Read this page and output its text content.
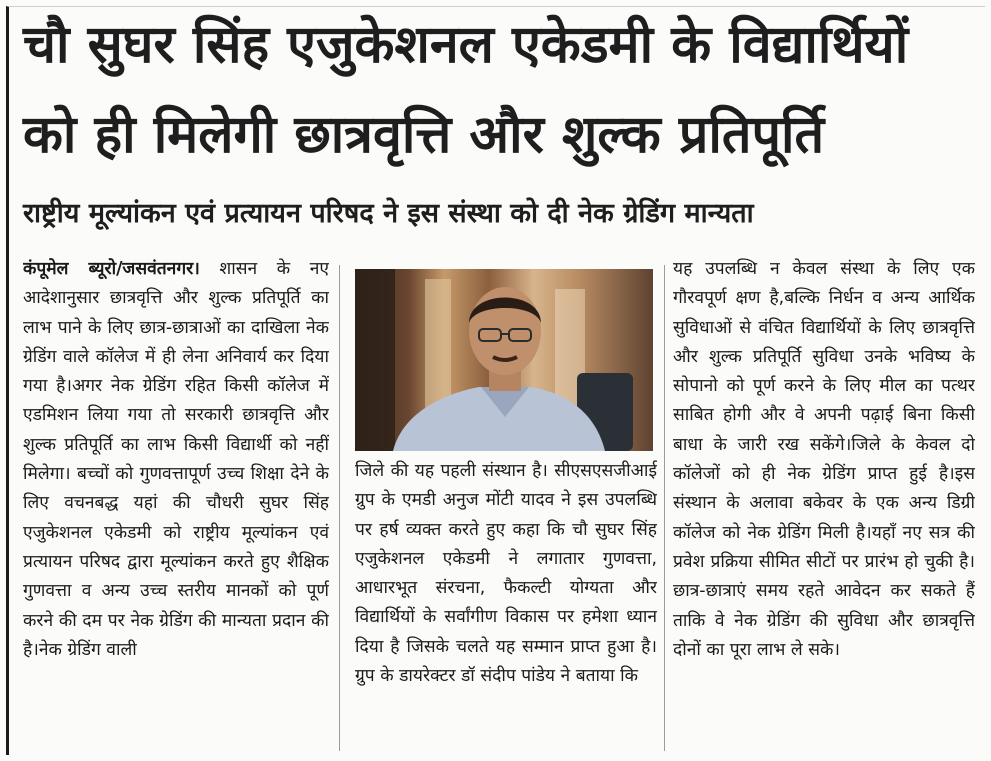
चौ सुघर सिंह एजुकेशनल एकेडमी के विद्यार्थियों
को ही मिलेगी छात्रवृत्ति और शुल्क प्रतिपूर्ति
राष्ट्रीय मूल्यांकन एवं प्रत्यायन परिषद ने इस संस्था को दी नेक ग्रेडिंग मान्यता

कंपूमेल ब्यूरो/जसवंतनगर। शासन के नए आदेशानुसार छात्रवृत्ति और शुल्क प्रतिपूर्ति का लाभ पाने के लिए छात्र-छात्राओं का दाखिला नेक ग्रेडिंग वाले कॉलेज में ही लेना अनिवार्य कर दिया गया है।अगर नेक ग्रेडिंग रहित किसी कॉलेज में एडमिशन लिया गया तो सरकारी छात्रवृत्ति और शुल्क प्रतिपूर्ति का लाभ किसी विद्यार्थी को नहीं मिलेगा। बच्चों को गुणवत्तापूर्ण उच्च शिक्षा देने के लिए वचनबद्ध यहां की चौधरी सुघर सिंह एजुकेशनल एकेडमी को राष्ट्रीय मूल्यांकन एवं प्रत्यायन परिषद द्वारा मूल्यांकन करते हुए शैक्षिक गुणवत्ता व अन्य उच्च स्तरीय मानकों को पूर्ण करने की दम पर नेक ग्रेडिंग की मान्यता प्रदान की है।नेक ग्रेडिंग वाली

जिले की यह पहली संस्थान है। सीएसएसजीआई ग्रुप के एमडी अनुज मोंटी यादव ने इस उपलब्धि पर हर्ष व्यक्त करते हुए कहा कि चौ सुघर सिंह एजुकेशनल एकेडमी ने लगातार गुणवत्ता, आधारभूत संरचना, फैकल्टी योग्यता और विद्यार्थियों के सर्वांगीण विकास पर हमेशा ध्यान दिया है जिसके चलते यह सम्मान प्राप्त हुआ है। ग्रुप के डायरेक्टर डॉ संदीप पांडेय ने बताया कि

यह उपलब्धि न केवल संस्था के लिए एक गौरवपूर्ण क्षण है,बल्कि निर्धन व अन्य आर्थिक सुविधाओं से वंचित विद्यार्थियों के लिए छात्रवृत्ति और शुल्क प्रतिपूर्ति सुविधा उनके भविष्य के सोपानो को पूर्ण करने के लिए मील का पत्थर साबित होगी और वे अपनी पढ़ाई बिना किसी बाधा के जारी रख सकेंगे।जिले के केवल दो कॉलेजों को ही नेक ग्रेडिंग प्राप्त हुई है।इस संस्थान के अलावा बकेवर के एक अन्य डिग्री कॉलेज को नेक ग्रेडिंग मिली है।यहाँ नए सत्र की प्रवेश प्रक्रिया सीमित सीटों पर प्रारंभ हो चुकी है। छात्र-छात्राएं समय रहते आवेदन कर सकते हैं ताकि वे नेक ग्रेडिंग की सुविधा और छात्रवृत्ति दोनों का पूरा लाभ ले सके।
